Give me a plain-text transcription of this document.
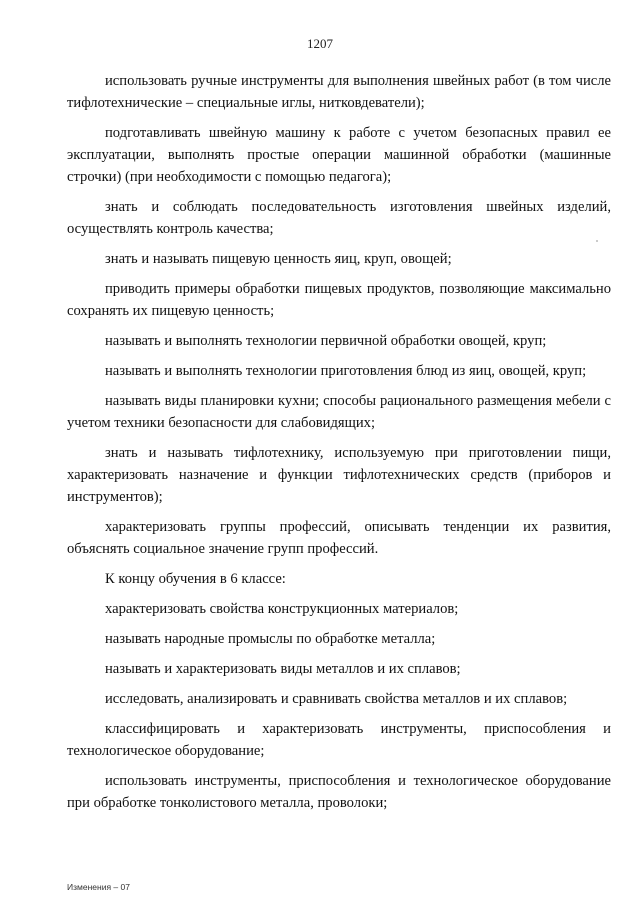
1207

использовать ручные инструменты для выполнения швейных работ (в том числе тифлотехнические – специальные иглы, нитковдеватели);

подготавливать швейную машину к работе с учетом безопасных правил ее эксплуатации, выполнять простые операции машинной обработки (машинные строчки) (при необходимости с помощью педагога);

знать и соблюдать последовательность изготовления швейных изделий, осуществлять контроль качества;

знать и называть пищевую ценность яиц, круп, овощей;

приводить примеры обработки пищевых продуктов, позволяющие максимально сохранять их пищевую ценность;

называть и выполнять технологии первичной обработки овощей, круп;

называть и выполнять технологии приготовления блюд из яиц, овощей, круп;

называть виды планировки кухни; способы рационального размещения мебели с учетом техники безопасности для слабовидящих;

знать и называть тифлотехнику, используемую при приготовлении пищи, характеризовать назначение и функции тифлотехнических средств (приборов и инструментов);

характеризовать группы профессий, описывать тенденции их развития, объяснять социальное значение групп профессий.

К концу обучения в 6 классе:

характеризовать свойства конструкционных материалов;

называть народные промыслы по обработке металла;

называть и характеризовать виды металлов и их сплавов;

исследовать, анализировать и сравнивать свойства металлов и их сплавов;

классифицировать и характеризовать инструменты, приспособления и технологическое оборудование;

использовать инструменты, приспособления и технологическое оборудование при обработке тонколистового металла, проволоки;

Изменения – 07
